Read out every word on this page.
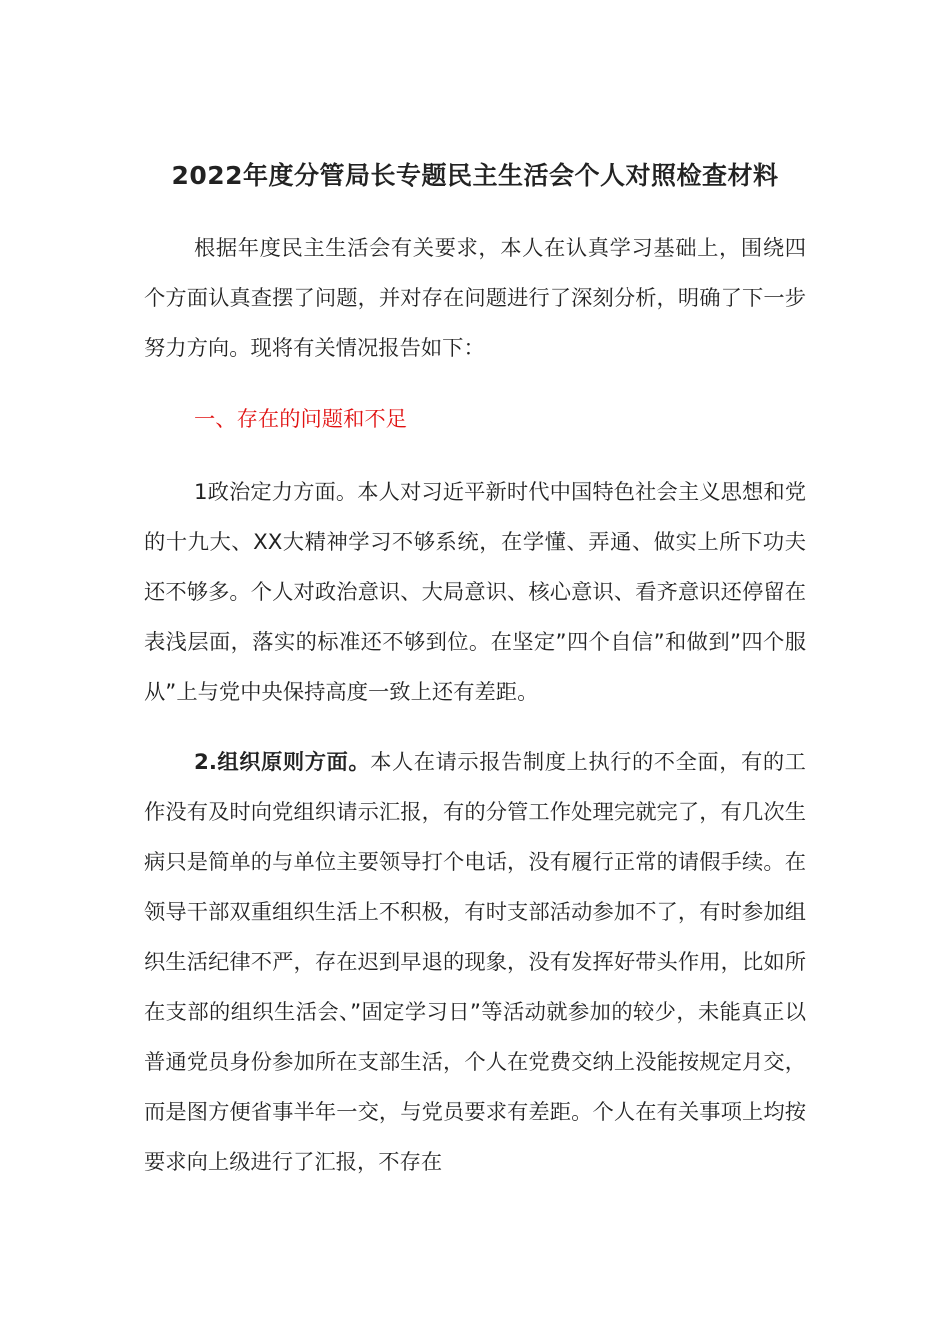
2022年度分管局长专题民主生活会个人对照检查材料

根据年度民主生活会有关要求，本人在认真学习基础上，围绕四个方面认真查摆了问题，并对存在问题进行了深刻分析，明确了下一步努力方向。现将有关情况报告如下：

一、存在的问题和不足

1政治定力方面。本人对习近平新时代中国特色社会主义思想和党的十九大、XX大精神学习不够系统，在学懂、弄通、做实上所下功夫还不够多。个人对政治意识、大局意识、核心意识、看齐意识还停留在表浅层面，落实的标准还不够到位。在坚定”四个自信”和做到”四个服从”上与党中央保持高度一致上还有差距。

2.组织原则方面。本人在请示报告制度上执行的不全面，有的工作没有及时向党组织请示汇报，有的分管工作处理完就完了，有几次生病只是简单的与单位主要领导打个电话，没有履行正常的请假手续。在领导干部双重组织生活上不积极，有时支部活动参加不了，有时参加组织生活纪律不严，存在迟到早退的现象，没有发挥好带头作用，比如所在支部的组织生活会、”固定学习日”等活动就参加的较少，未能真正以普通党员身份参加所在支部生活，个人在党费交纳上没能按规定月交，而是图方便省事半年一交，与党员要求有差距。个人在有关事项上均按要求向上级进行了汇报，不存在
